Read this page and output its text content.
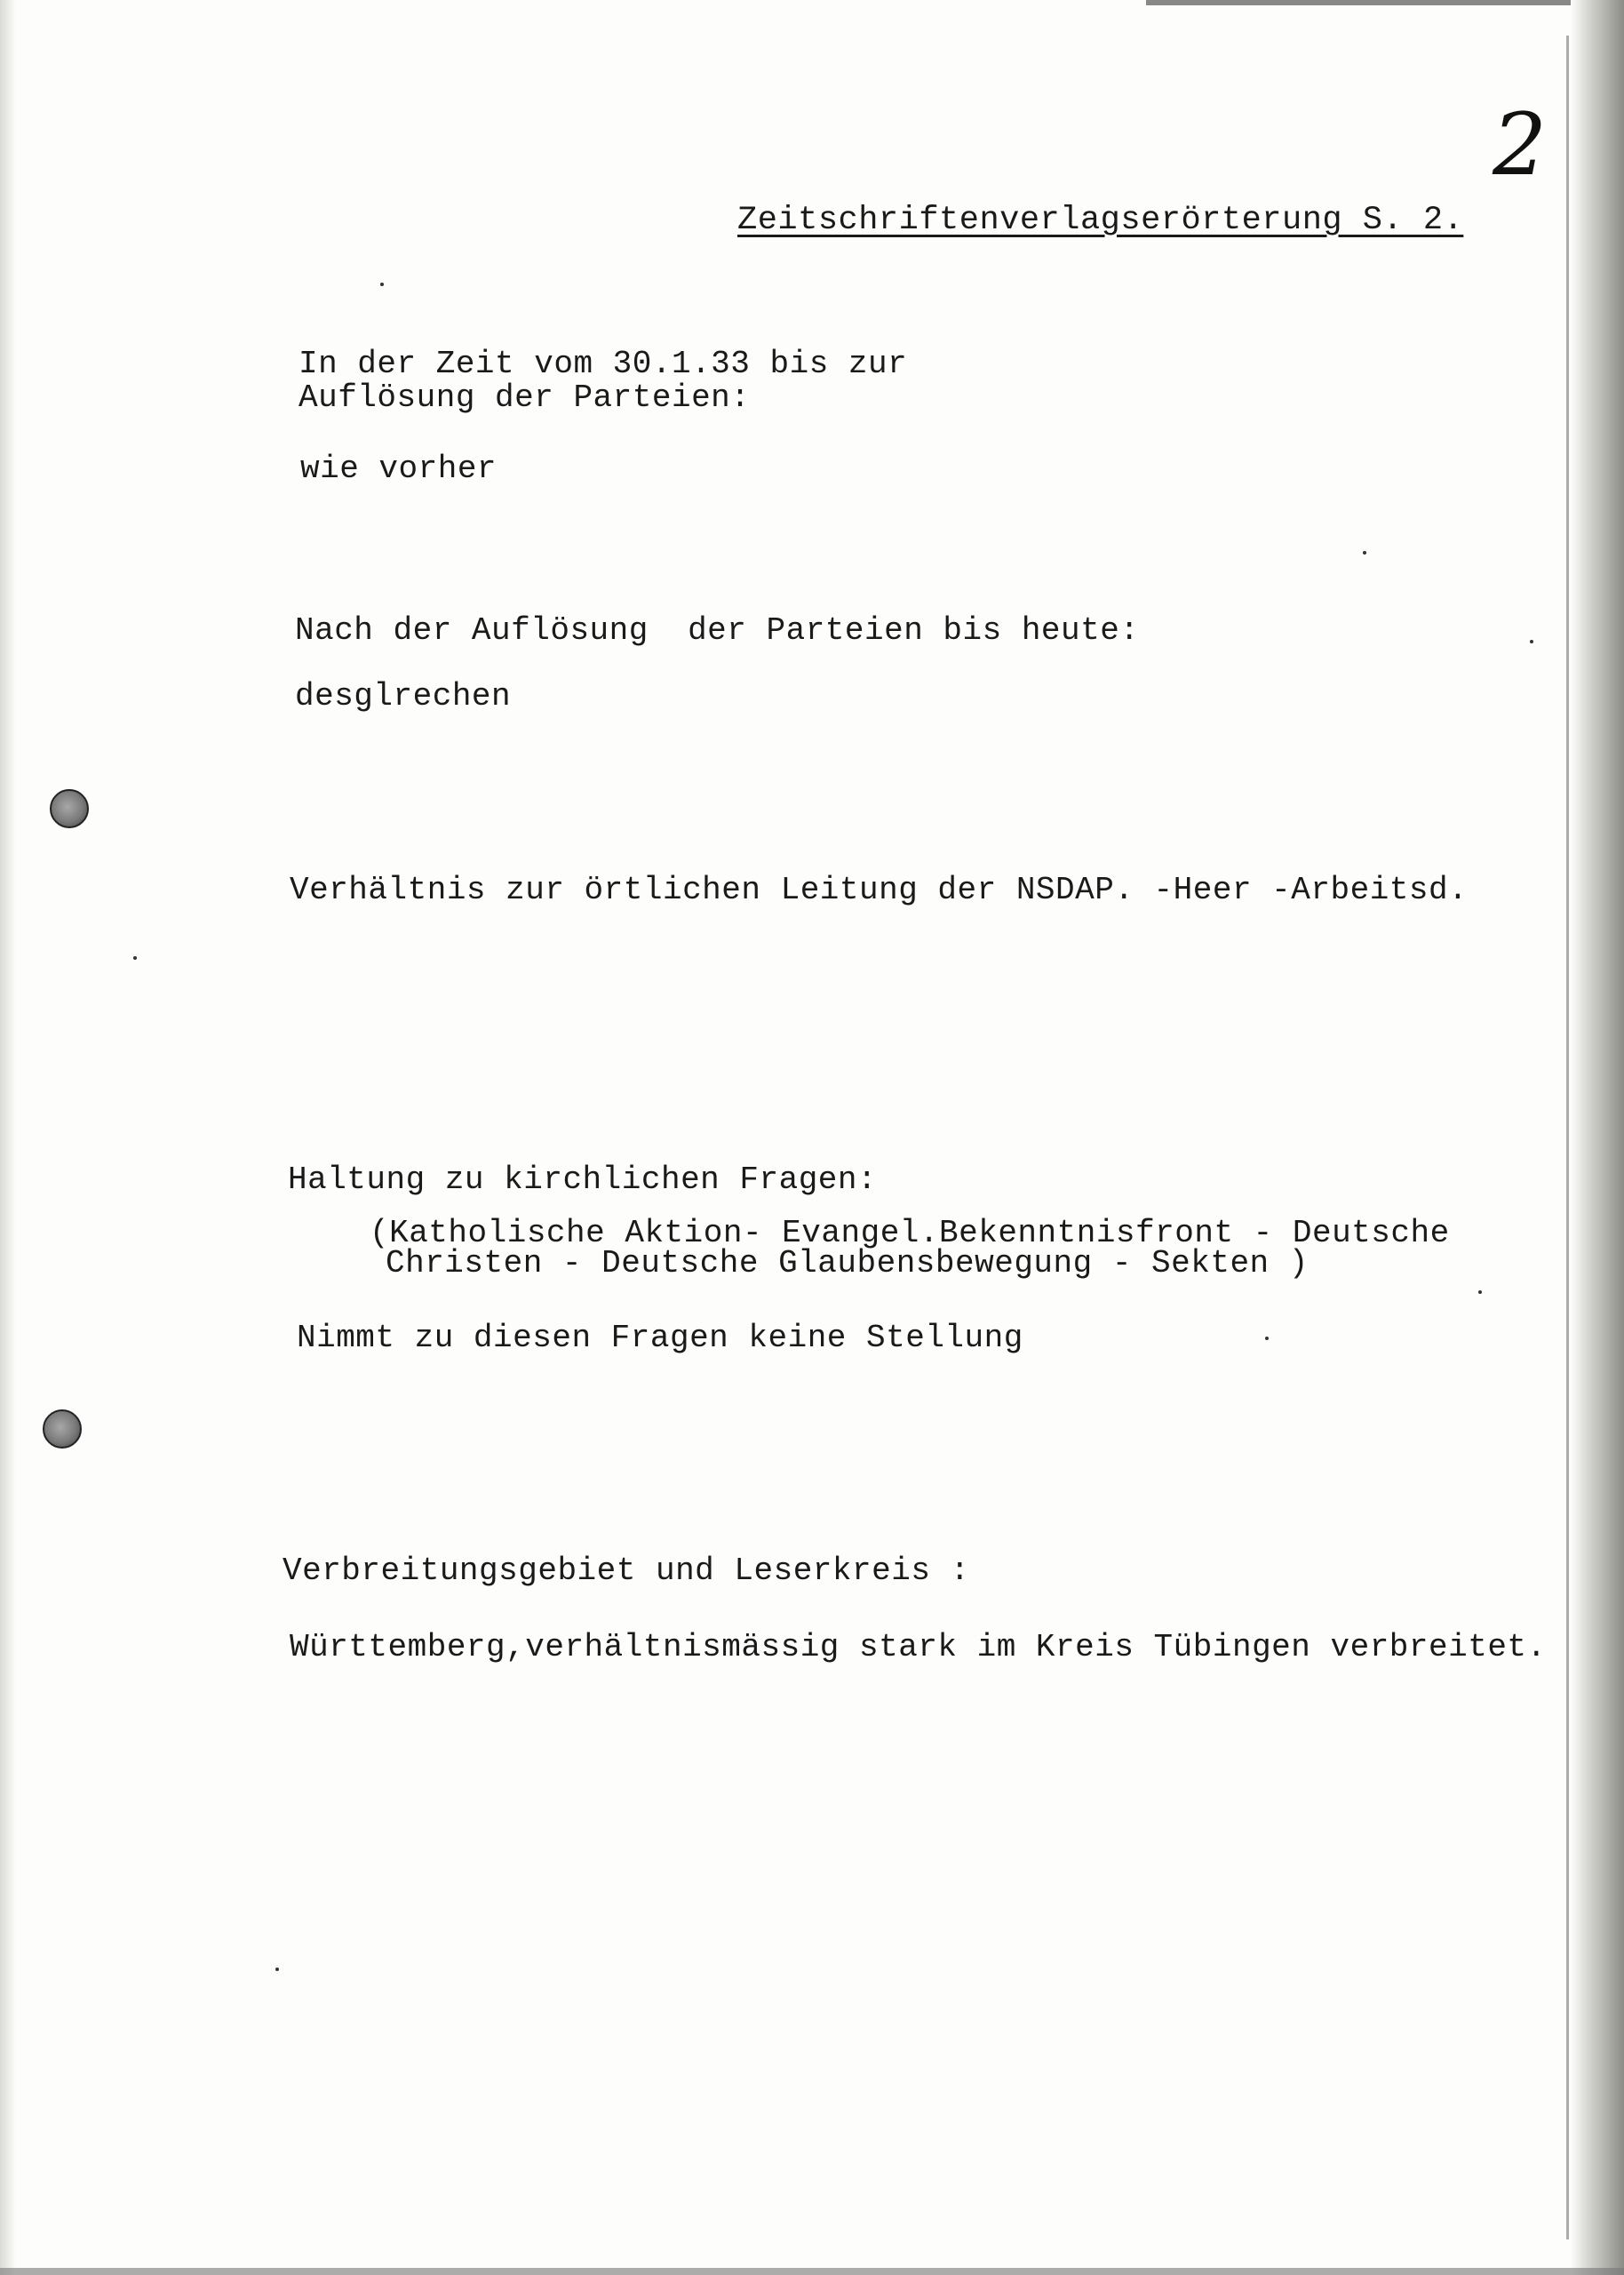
2
Zeitschriftenverlagserörterung S. 2.
In der Zeit vom 30.1.33 bis zur
Auflösung der Parteien:
wie vorher
Nach der Auflösung  der Parteien bis heute:
desglrechen
Verhältnis zur örtlichen Leitung der NSDAP. -Heer -Arbeitsd.
Haltung zu kirchlichen Fragen:
(Katholische Aktion- Evangel.Bekenntnisfront - Deutsche
Christen - Deutsche Glaubensbewegung - Sekten )
Nimmt zu diesen Fragen keine Stellung
Verbreitungsgebiet und Leserkreis :
Württemberg,verhältnismässig stark im Kreis Tübingen verbreitet.
